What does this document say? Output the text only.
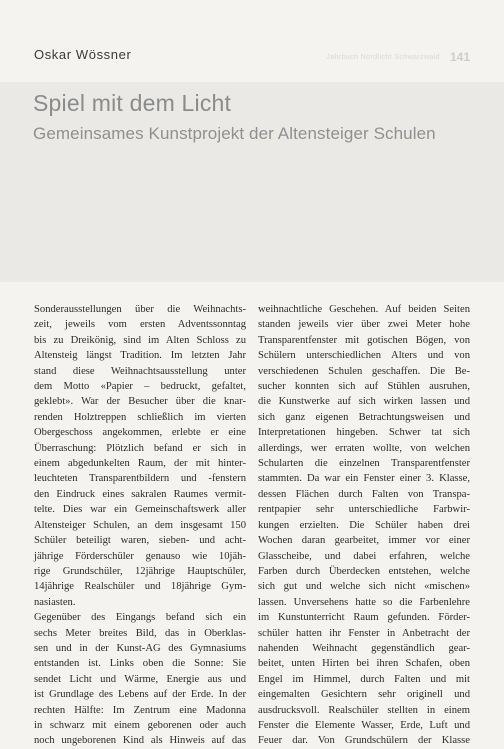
Oskar Wössner	Jahrbuch Nordlicht Schwarzwald 141
Spiel mit dem Licht
Gemeinsames Kunstprojekt der Altensteiger Schulen
Sonderausstellungen über die Weihnachts-
zeit, jeweils vom ersten Adventssonntag
bis zu Dreikönig, sind im Alten Schloss zu
Altensteig längst Tradition. Im letzten Jahr
stand diese Weihnachtsausstellung unter
dem Motto «Papier – bedruckt, gefaltet,
geklebt». War der Besucher über die knar-
renden Holztreppen schließlich im vierten
Obergeschoss angekommen, erlebte er eine
Überraschung: Plötzlich befand er sich in
einem abgedunkelten Raum, der mit hinter-
leuchteten Transparentbildern und -fenstern
den Eindruck eines sakralen Raumes vermit-
telte. Dies war ein Gemeinschaftswerk aller
Altensteiger Schulen, an dem insgesamt 150
Schüler beteiligt waren, sieben- und acht-
jährige Förderschüler genauso wie 10jäh-
rige Grundschüler, 12jährige Hauptschüler,
14jährige Realschüler und 18jährige Gym-
nasiasten.
Gegenüber des Eingangs befand sich ein
sechs Meter breites Bild, das in Oberklas-
sen und in der Kunst-AG des Gymnasiums
entstanden ist. Links oben die Sonne: Sie
sendet Licht und Wärme, Energie aus und
ist Grundlage des Lebens auf der Erde. In der
rechten Hälfte: Im Zentrum eine Madonna
in schwarz mit einem geborenen oder auch
noch ungeborenen Kind als Hinweis auf das
weihnachtliche Geschehen. Auf beiden Seiten
standen jeweils vier über zwei Meter hohe
Transparentfenster mit gotischen Bögen, von
Schülern unterschiedlichen Alters und von
verschiedenen Schulen geschaffen. Die Be-
sucher konnten sich auf Stühlen ausruhen,
die Kunstwerke auf sich wirken lassen und
sich ganz eigenen Betrachtungsweisen und
Interpretationen hingeben. Schwer tat sich
allerdings, wer erraten wollte, von welchen
Schularten die einzelnen Transparentfenster
stammten. Da war ein Fenster einer 3. Klasse,
dessen Flächen durch Falten von Transpa-
rentpapier sehr unterschiedliche Farbwir-
kungen erzielten. Die Schüler haben drei
Wochen daran gearbeitet, immer vor einer
Glasscheibe, und dabei erfahren, welche
Farben durch Überdecken entstehen, welche
sich gut und welche sich nicht «mischen»
lassen. Unversehens hatte so die Farbenlehre
im Kunstunterricht Raum gefunden. Förder-
schüler hatten ihr Fenster in Anbetracht der
nahenden Weihnacht gegenständlich gear-
beitet, unten Hirten bei ihren Schafen, oben
Engel im Himmel, durch Falten und mit
eingemalten Gesichtern sehr originell und
ausdrucksvoll. Realschüler stellten in einem
Fenster die Elemente Wasser, Erde, Luft und
Feuer dar. Von Grundschülern der Klasse
